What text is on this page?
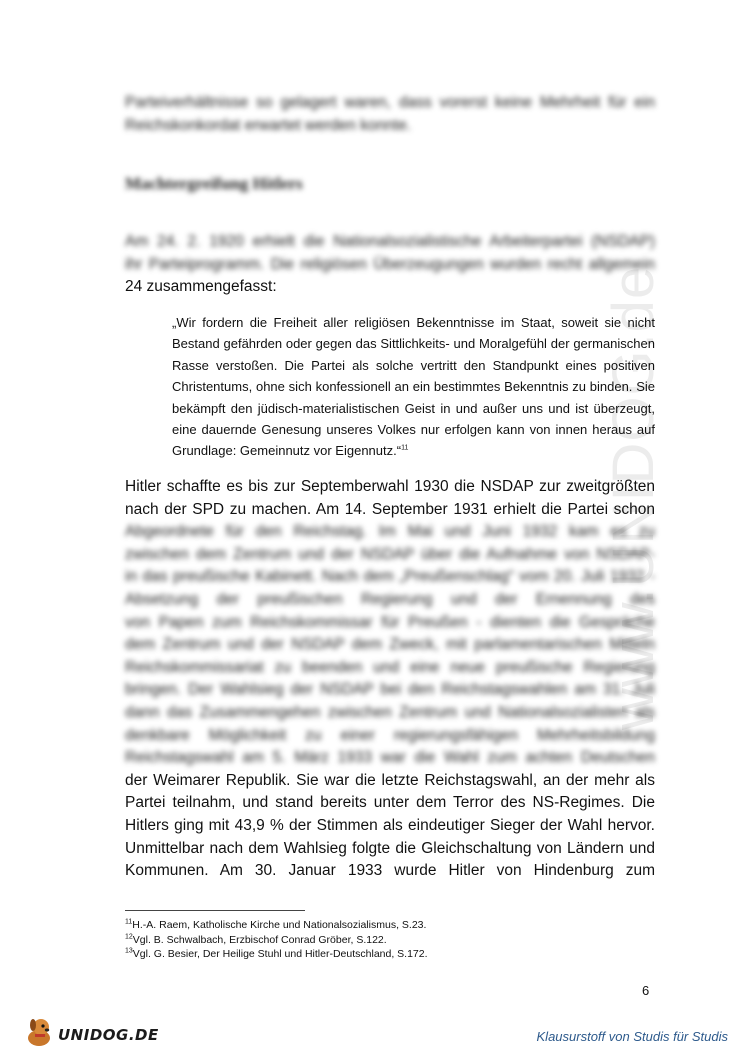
www.UNIDOG.de
Parteiverhältnisse so gelagert waren, dass vorerst keine Mehrheit für ein
Reichskonkordat erwartet werden konnte.
Machtergreifung Hitlers
Am 24. 2. 1920 erhielt die Nationalsozialistische Arbeiterpartei (NSDAP)
ihr Parteiprogramm. Die religiösen Überzeugungen wurden recht allgemein
24 zusammengefasst:
„Wir fordern die Freiheit aller religiösen Bekenntnisse im Staat, soweit sie nicht
Bestand gefährden oder gegen das Sittlichkeits- und Moralgefühl der germanischen
Rasse verstoßen. Die Partei als solche vertritt den Standpunkt eines positiven
Christentums, ohne sich konfessionell an ein bestimmtes Bekenntnis zu binden. Sie
bekämpft den jüdisch-materialistischen Geist in und außer uns und ist überzeugt,
eine dauernde Genesung unseres Volkes nur erfolgen kann von innen heraus auf
Grundlage: Gemeinnutz vor Eigennutz.“$^{11}$
Hitler schaffte es bis zur Septemberwahl 1930 die NSDAP zur zweitgrößten
nach der SPD zu machen. Am 14. September 1931 erhielt die Partei schon
Abgeordnete für den Reichstag. Im Mai und Juni 1932 kam es zu
zwischen dem Zentrum und der NSDAP über die Aufnahme von NSDAP-
in das preußische Kabinett. Nach dem „Preußenschlag“ vom 20. Juli 1932 -
Absetzung der preußischen Regierung und der Ernennung des
von Papen zum Reichskommissar für Preußen - dienten die Gespräche
dem Zentrum und der NSDAP dem Zweck, mit parlamentarischen Mitteln
Reichskommissariat zu beenden und eine neue preußische Regierung
bringen. Der Wahlsieg der NSDAP bei den Reichstagswahlen am 31. Juli
dann das Zusammengehen zwischen Zentrum und Nationalsozialisten als
denkbare Möglichkeit zu einer regierungsfähigen Mehrheitsbildung
Reichstagswahl am 5. März 1933 war die Wahl zum achten Deutschen
der Weimarer Republik. Sie war die letzte Reichstagswahl, an der mehr als
Partei teilnahm, und stand bereits unter dem Terror des NS-Regimes. Die
Hitlers ging mit 43,9 % der Stimmen als eindeutiger Sieger der Wahl hervor.
Unmittelbar nach dem Wahlsieg folgte die Gleichschaltung von Ländern und
Kommunen. Am 30. Januar 1933 wurde Hitler von Hindenburg zum
$^{11}$H.-A. Raem, Katholische Kirche und Nationalsozialismus, S.23.
$^{12}$Vgl. B. Schwalbach, Erzbischof Conrad Gröber, S.122.
$^{13}$Vgl. G. Besier, Der Heilige Stuhl und Hitler-Deutschland, S.172.
6
UNIDOG.DE	Klausurstoff von Studis für Studis
